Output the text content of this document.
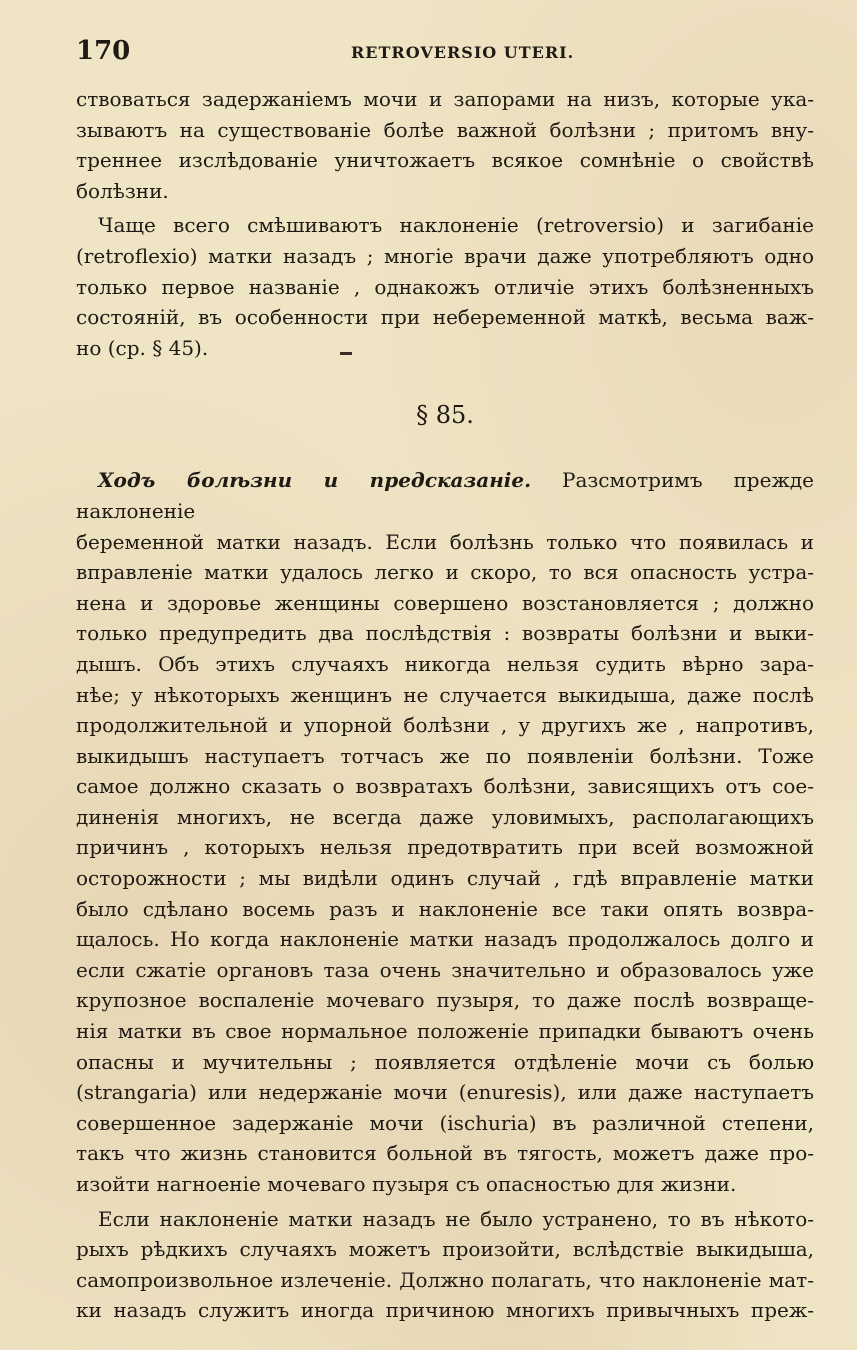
170	RETROVERSIO UTERI.
ствоваться задержаніемъ мочи и запорами на низъ, которые ука-
зываютъ на существованіе болѣе важной болѣзни ; притомъ вну-
треннее изслѣдованіе уничтожаетъ всякое сомнѣніе о свойствѣ
болѣзни.
Чаще всего смѣшиваютъ наклоненіе (retroversio) и загибаніе
(retroflexio) матки назадъ ; многіе врачи даже употребляютъ одно
только первое названіе , однакожъ отличіе этихъ болѣзненныхъ
состояній, въ особенности при небеременной маткѣ, весьма важ-
но (ср. § 45).
§ 85.
Ходъ болѣзни и предсказаніе. Разсмотримъ прежде наклоненіе
беременной матки назадъ. Если болѣзнь только что появилась и
вправленіе матки удалось легко и скоро, то вся опасность устра-
нена и здоровье женщины совершено возстановляется ; должно
только предупредить два послѣдствія : возвраты болѣзни и выки-
дышъ. Объ этихъ случаяхъ никогда нельзя судить вѣрно зара-
нѣе; у нѣкоторыхъ женщинъ не случается выкидыша, даже послѣ
продолжительной и упорной болѣзни , у другихъ же , напротивъ,
выкидышъ наступаетъ тотчасъ же по появленіи болѣзни. Тоже
самое должно сказать о возвратахъ болѣзни, зависящихъ отъ сое-
диненія многихъ, не всегда даже уловимыхъ, располагающихъ
причинъ , которыхъ нельзя предотвратить при всей возможной
осторожности ; мы видѣли одинъ случай , гдѣ вправленіе матки
было сдѣлано восемь разъ и наклоненіе все таки опять возвра-
щалось. Но когда наклоненіе матки назадъ продолжалось долго и
если сжатіе органовъ таза очень значительно и образовалось уже
крупозное воспаленіе мочеваго пузыря, то даже послѣ возвраще-
нія матки въ свое нормальное положеніе припадки бываютъ очень
опасны и мучительны ; появляется отдѣленіе мочи съ болью
(strangaria) или недержаніе мочи (enuresis), или даже наступаетъ
совершенное задержаніе мочи (ischuria) въ различной степени,
такъ что жизнь становится больной въ тягость, можетъ даже про-
изойти нагноеніе мочеваго пузыря съ опасностью для жизни.
Если наклоненіе матки назадъ не было устранено, то въ нѣкото-
рыхъ рѣдкихъ случаяхъ можетъ произойти, вслѣдствіе выкидыша,
самопроизвольное излеченіе. Должно полагать, что наклоненіе мат-
ки назадъ служитъ иногда причиною многихъ привычныхъ преж-
